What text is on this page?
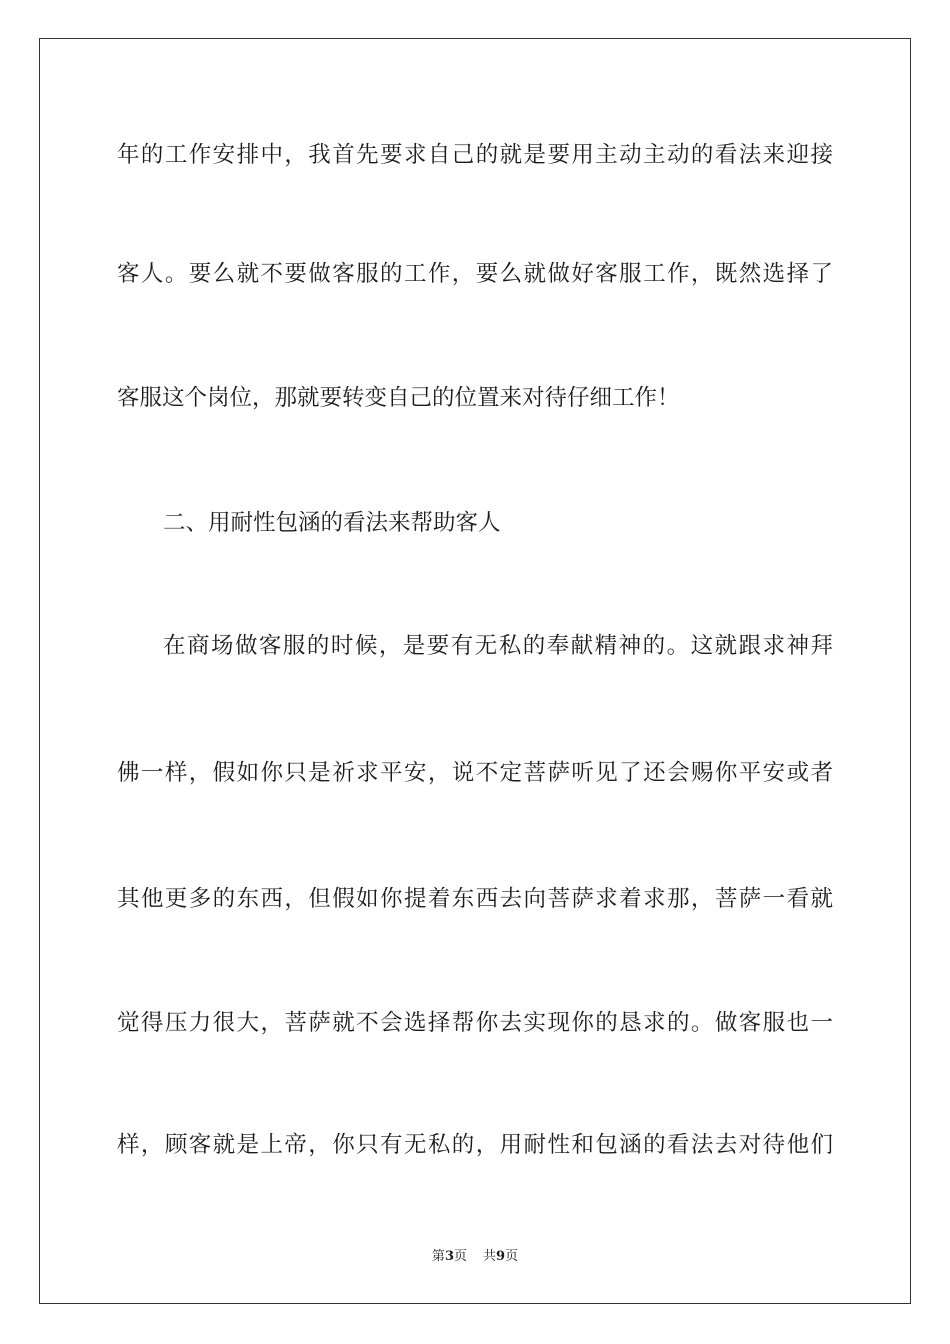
年的工作安排中，我首先要求自己的就是要用主动主动的看法来迎接
客人。要么就不要做客服的工作，要么就做好客服工作，既然选择了
客服这个岗位，那就要转变自己的位置来对待仔细工作！
二、用耐性包涵的看法来帮助客人
在商场做客服的时候，是要有无私的奉献精神的。这就跟求神拜
佛一样，假如你只是祈求平安，说不定菩萨听见了还会赐你平安或者
其他更多的东西，但假如你提着东西去向菩萨求着求那，菩萨一看就
觉得压力很大，菩萨就不会选择帮你去实现你的恳求的。做客服也一
样，顾客就是上帝，你只有无私的，用耐性和包涵的看法去对待他们
第3页 共9页
